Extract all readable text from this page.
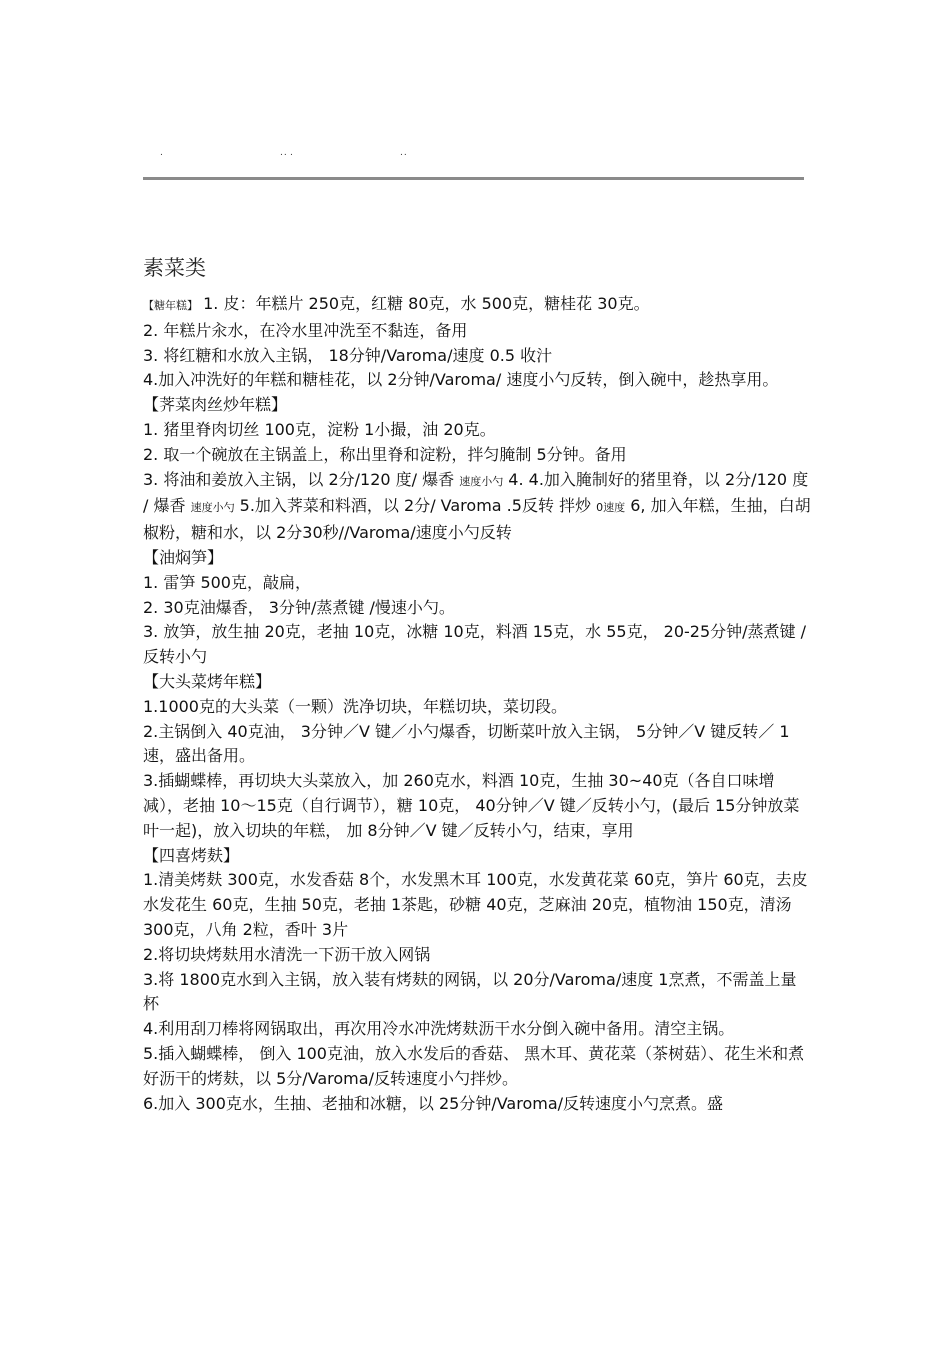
.	.. .	..
素菜类

【糖年糕】 1. 皮：年糕片 250克，红糖 80克，水 500克，糖桂花 30克。

2. 年糕片汆水，在冷水里冲洗至不黏连，备用

3. 将红糖和水放入主锅， 18分钟/Varoma/速度 0.5 收汁

4.加入冲洗好的年糕和糖桂花，以 2分钟/Varoma/ 速度小勺反转，倒入碗中，趁热享用。

【荠菜肉丝炒年糕】

1. 猪里脊肉切丝 100克，淀粉 1小撮，油 20克。

2. 取一个碗放在主锅盖上，称出里脊和淀粉，拌匀腌制 5分钟。备用

3. 将油和姜放入主锅，以 2分/120 度/ 爆香 速度小勺 4. 4.加入腌制好的猪里脊，以 2分/120 度 / 爆香 速度小勺 5.加入荠菜和料酒，以 2分/ Varoma .5反转 拌炒 0速度 6, 加入年糕，生抽，白胡椒粉，糖和水，以 2分30秒//Varoma/速度小勺反转

【油焖笋】

1. 雷笋 500克，敲扁，

2. 30克油爆香， 3分钟/蒸煮键 /慢速小勺。

3. 放笋，放生抽 20克，老抽 10克，冰糖 10克，料酒 15克，水 55克， 20-25分钟/蒸煮键 /反转小勺

【大头菜烤年糕】

1.1000克的大头菜（一颗）洗净切块，年糕切块，菜切段。

2.主锅倒入 40克油， 3分钟／V 键／小勺爆香，切断菜叶放入主锅， 5分钟／V 键反转／ 1速，盛出备用。

3.插蝴蝶棒，再切块大头菜放入，加 260克水，料酒 10克，生抽 30~40克（各自口味增减），老抽 10～15克（自行调节），糖 10克， 40分钟／V 键／反转小勺，(最后 15分钟放菜叶一起)，放入切块的年糕， 加 8分钟／V 键／反转小勺，结束，享用

【四喜烤麸】

1.清美烤麸 300克，水发香菇 8个，水发黑木耳 100克，水发黄花菜 60克，笋片 60克，去皮水发花生 60克，生抽 50克，老抽 1茶匙，砂糖 40克，芝麻油 20克，植物油 150克，清汤 300克，八角 2粒，香叶 3片

2.将切块烤麸用水清洗一下沥干放入网锅

3.将 1800克水到入主锅，放入装有烤麸的网锅，以 20分/Varoma/速度 1烹煮，不需盖上量杯

4.利用刮刀棒将网锅取出，再次用冷水冲洗烤麸沥干水分倒入碗中备用。清空主锅。

5.插入蝴蝶棒， 倒入 100克油，放入水发后的香菇、 黑木耳、黄花菜（茶树菇）、花生米和煮好沥干的烤麸，以 5分/Varoma/反转速度小勺拌炒。

6.加入 300克水，生抽、老抽和冰糖，以 25分钟/Varoma/反转速度小勺烹煮。盛
